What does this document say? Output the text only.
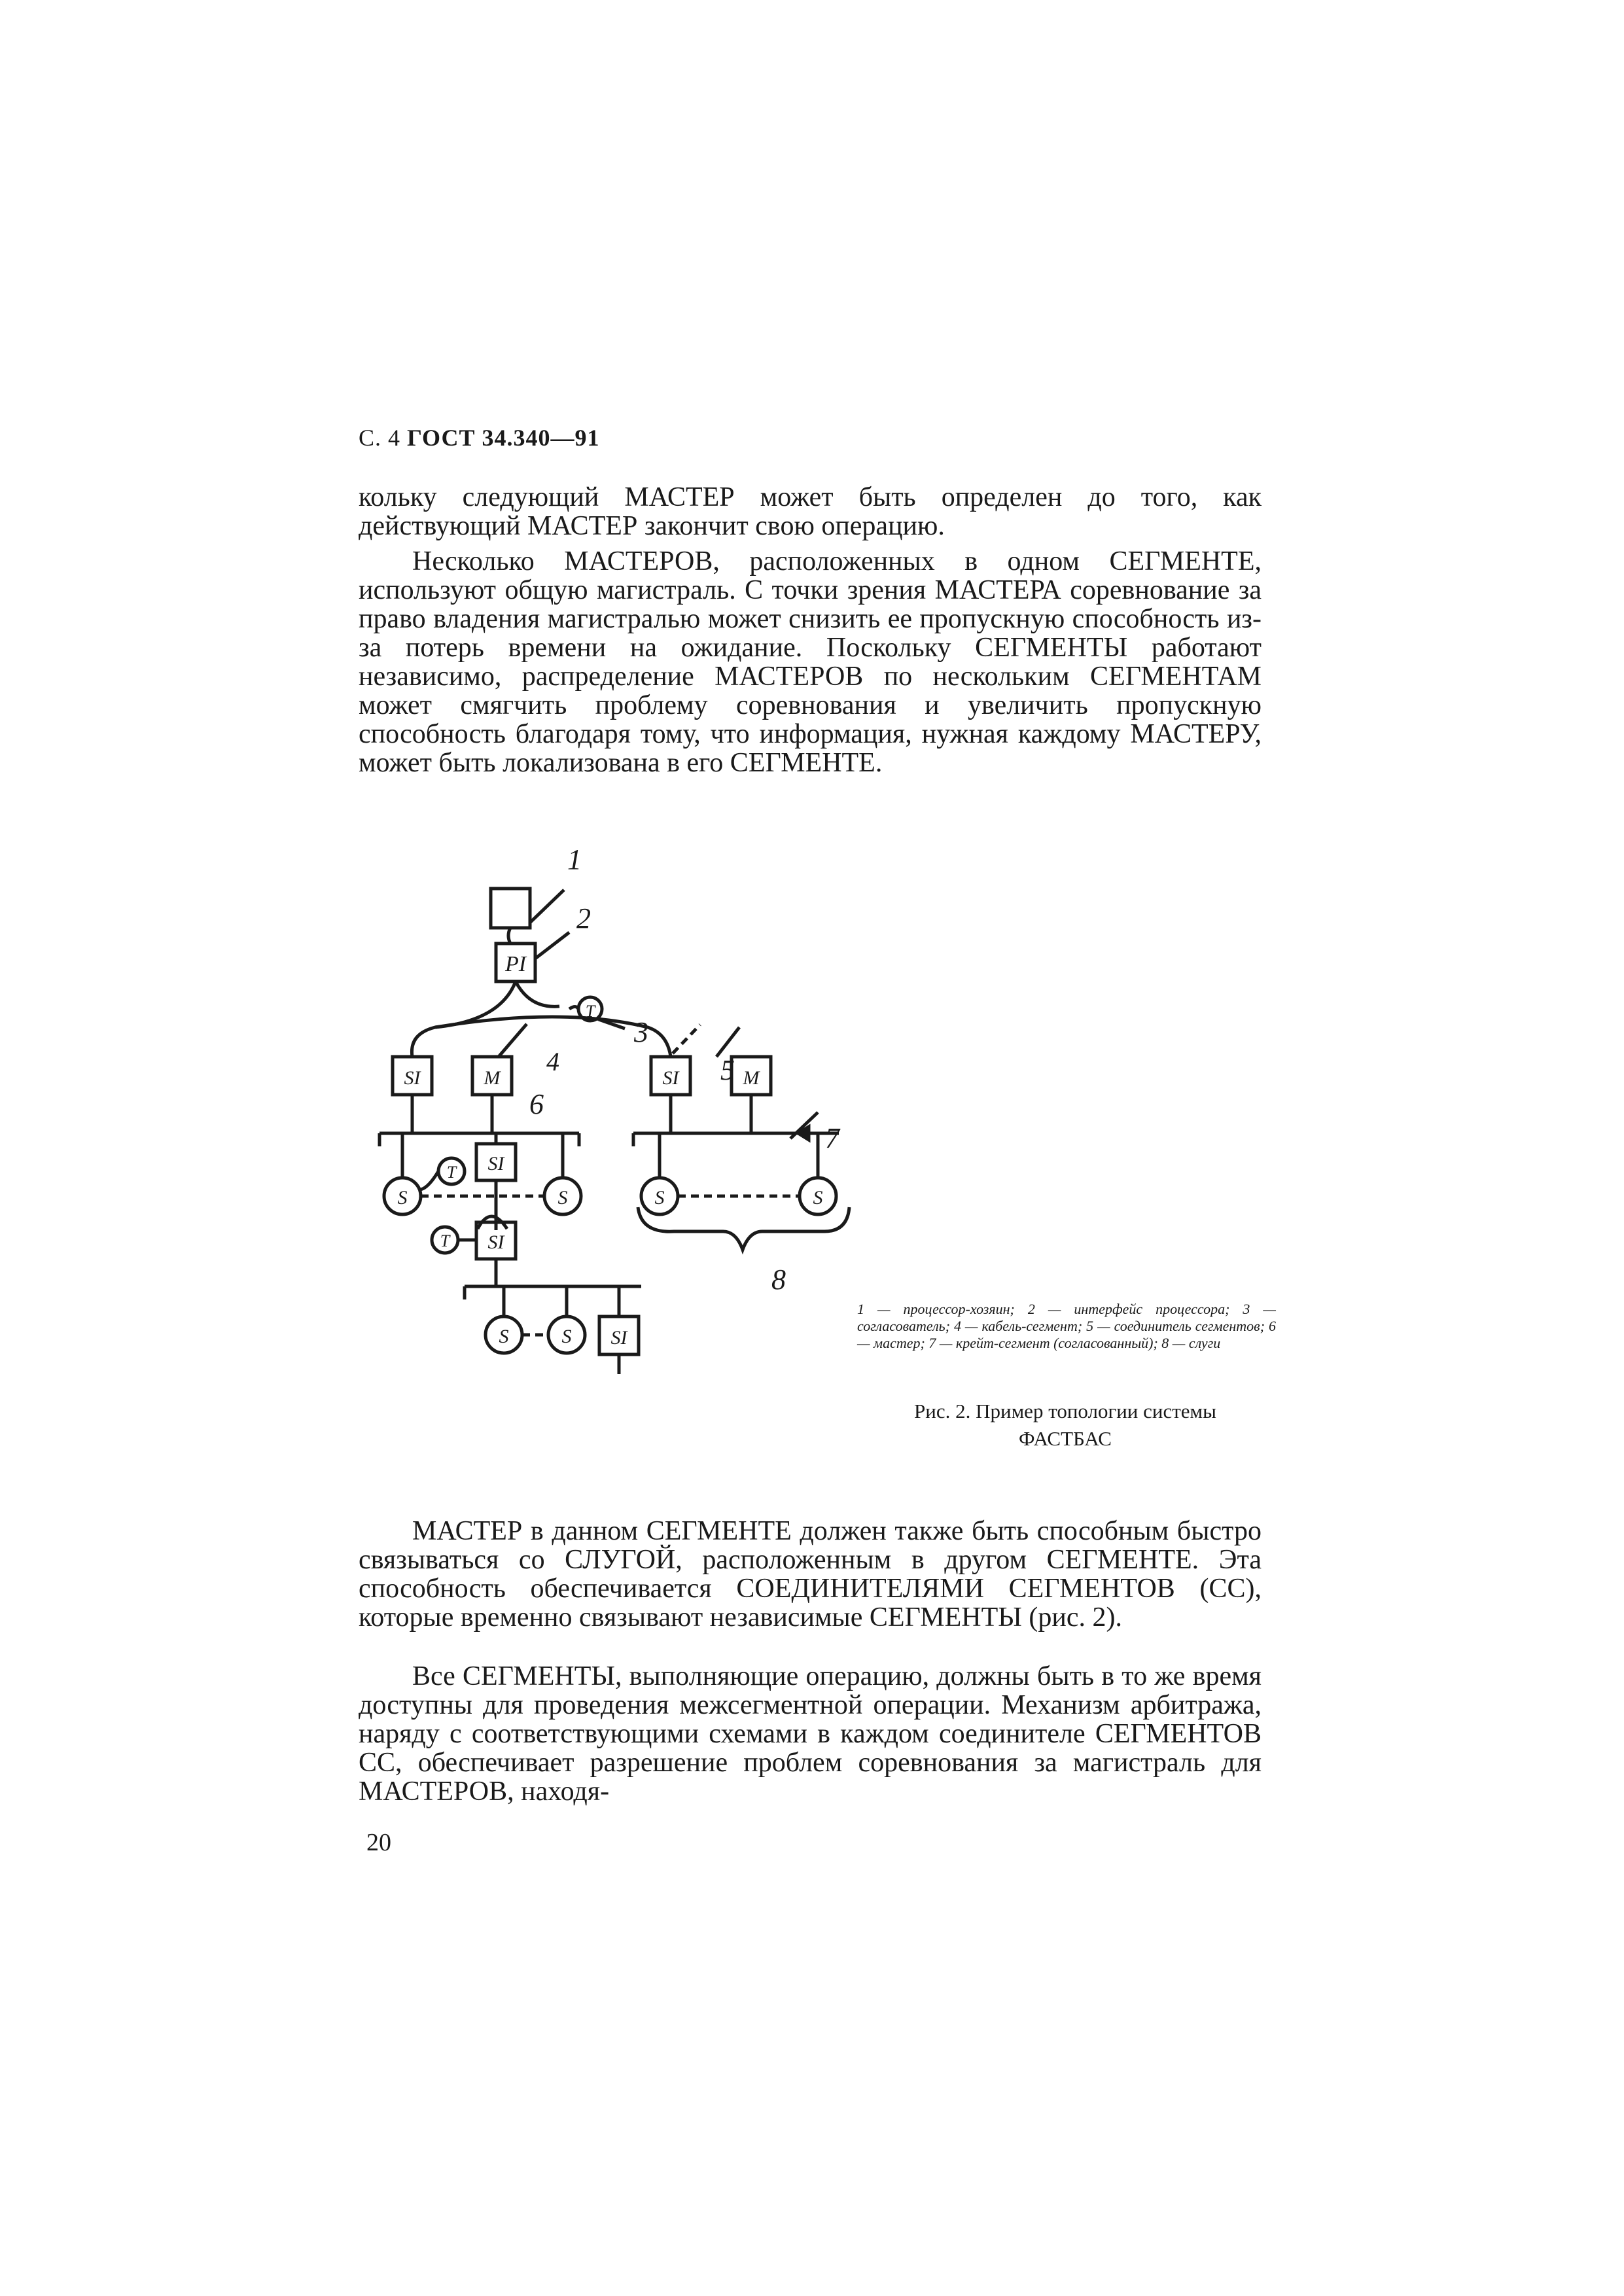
С. 4 ГОСТ 34.340—91

кольку следующий МАСТЕР может быть определен до того, как действующий МАСТЕР закончит свою операцию.

Несколько МАСТЕРОВ, расположенных в одном СЕГМЕНТЕ, используют общую магистраль. С точки зрения МАСТЕРА соревнование за право владения магистралью может снизить ее пропускную способность из-за потерь времени на ожидание. Поскольку СЕГМЕНТЫ работают независимо, распределение МАСТЕРОВ по нескольким СЕГМЕНТАМ может смягчить проблему соревнования и увеличить пропускную способность благодаря тому, что информация, нужная каждому МАСТЕРУ, может быть локализована в его СЕГМЕНТЕ.

PI
T
SI	M
SI
S	S
T
T SI
S	S SI
SI	M
S	S
1
2
3
4	5
6
7
8
1 — процессор-хозяин; 2 — интерфейс процессора; 3 — согласователь; 4 — кабель-сегмент; 5 — соединитель сегментов; 6 — мастер; 7 — крейт-сегмент (согласованный); 8 — слуги
Рис. 2. Пример топологии системы
ФАСТБАС

МАСТЕР в данном СЕГМЕНТЕ должен также быть способным быстро связываться со СЛУГОЙ, расположенным в другом СЕГМЕНТЕ. Эта способность обеспечивается СОЕДИНИТЕЛЯМИ СЕГМЕНТОВ (СС), которые временно связывают независимые СЕГМЕНТЫ (рис. 2).

Все СЕГМЕНТЫ, выполняющие операцию, должны быть в то же время доступны для проведения межсегментной операции. Механизм арбитража, наряду с соответствующими схемами в каждом соединителе СЕГМЕНТОВ СС, обеспечивает разрешение проблем соревнования за магистраль для МАСТЕРОВ, находя-

20
